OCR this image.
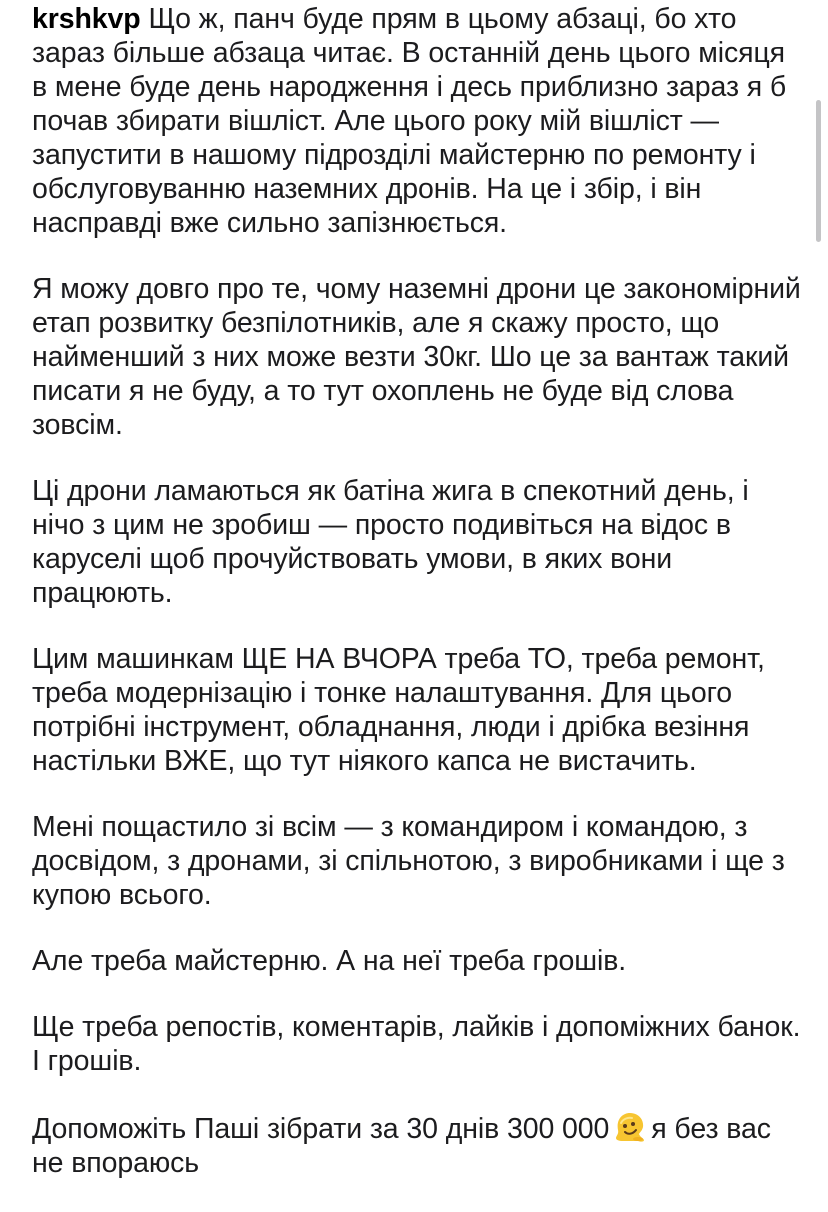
krshkvp Що ж, панч буде прям в цьому абзаці, бо хто зараз більше абзаца читає. В останній день цього місяця в мене буде день народження і десь приблизно зараз я б почав збирати вішліст. Але цього року мій вішліст — запустити в нашому підрозділі майстерню по ремонту і обслуговуванню наземних дронів. На це і збір, і він насправді вже сильно запізнюється.

Я можу довго про те, чому наземні дрони це закономірний етап розвитку безпілотників, але я скажу просто, що найменший з них може везти 30кг. Шо це за вантаж такий писати я не буду, а то тут охоплень не буде від слова зовсім.

Ці дрони ламаються як батіна жига в спекотний день, і нічо з цим не зробиш — просто подивіться на відос в каруселі щоб прочуйствовать умови, в яких вони працюють.

Цим машинкам ЩЕ НА ВЧОРА треба ТО, треба ремонт, треба модернізацію і тонке налаштування. Для цього потрібні інструмент, обладнання, люди і дрібка везіння настільки ВЖЕ, що тут ніякого капса не вистачить.

Мені пощастило зі всім — з командиром і командою, з досвідом, з дронами, зі спільнотою, з виробниками і ще з купою всього.

Але треба майстерню. А на неї треба грошів.

Ще треба репостів, коментарів, лайків і допоміжних банок. І грошів.

Допоможіть Паші зібрати за 30 днів 300 000 я без вас не впораюсь
